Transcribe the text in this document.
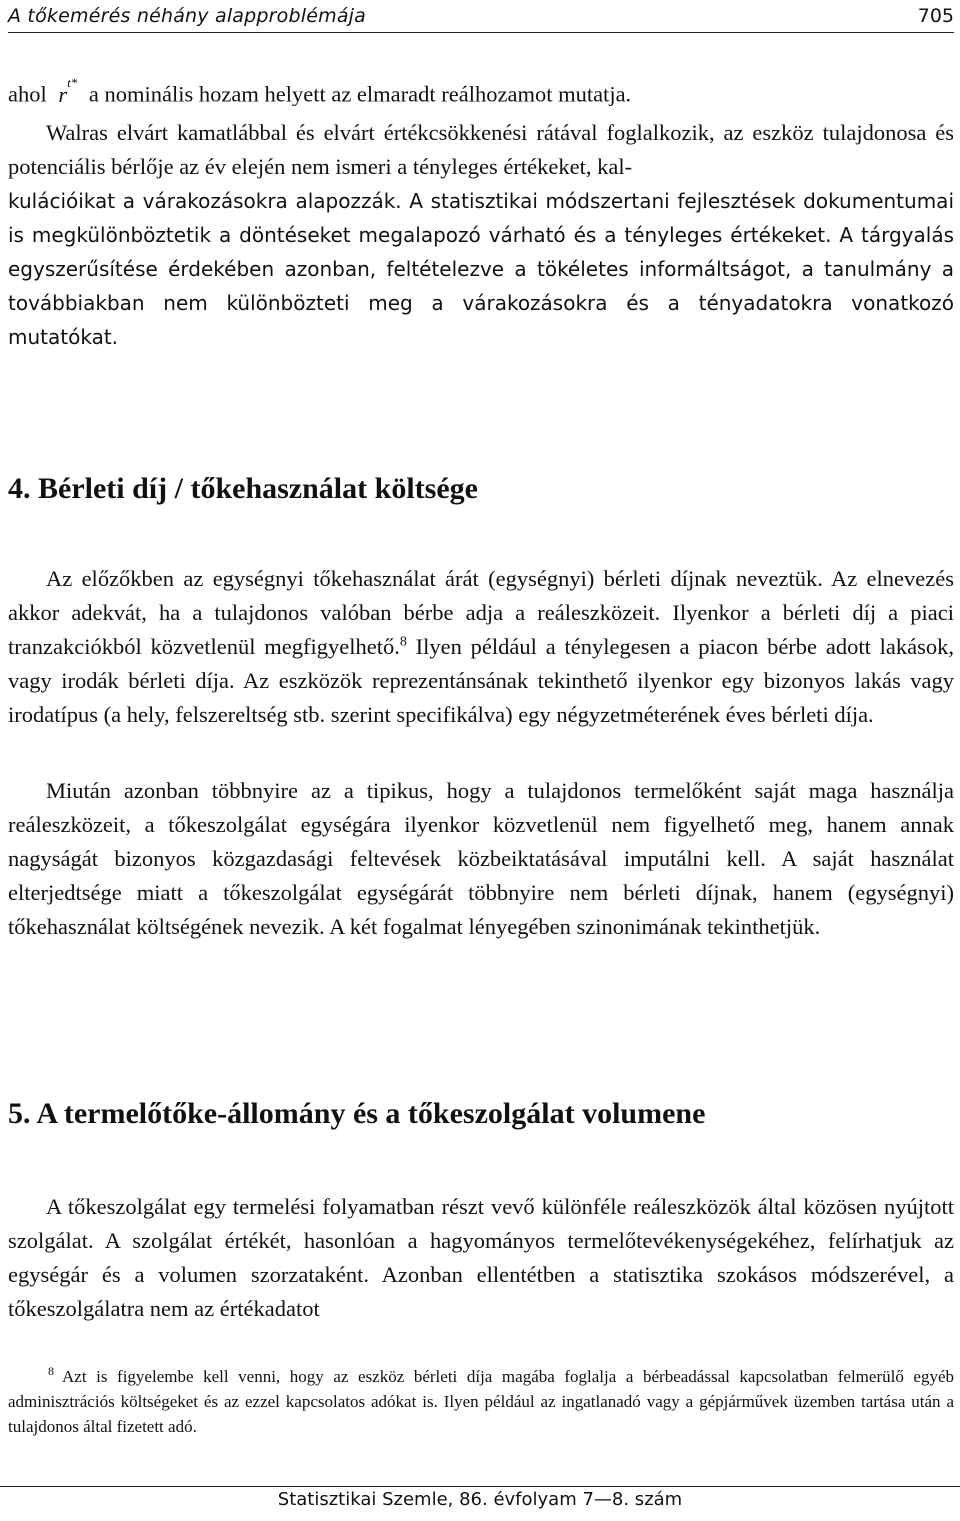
A tőkemérés néhány alapproblémája	705

ahol $r^{t*}$ a nominális hozam helyett az elmaradt reálhozamot mutatja.

Walras elvárt kamatlábbal és elvárt értékcsökkenési rátával foglalkozik, az eszköz tulajdonosa és potenciális bérlője az év elején nem ismeri a tényleges értékeket, kal-

kulációikat a várakozásokra alapozzák. A statisztikai módszertani fejlesztések dokumentumai is megkülönböztetik a döntéseket megalapozó várható és a tényleges értékeket. A tárgyalás egyszerűsítése érdekében azonban, feltételezve a tökéletes informáltságot, a tanulmány a továbbiakban nem különbözteti meg a várakozásokra és a tényadatokra vonatkozó mutatókat.

4. Bérleti díj / tőkehasználat költsége

Az előzőkben az egységnyi tőkehasználat árát (egységnyi) bérleti díjnak neveztük. Az elnevezés akkor adekvát, ha a tulajdonos valóban bérbe adja a reáleszközeit. Ilyenkor a bérleti díj a piaci tranzakciókból közvetlenül megfigyelhető.$^8$ Ilyen például a ténylegesen a piacon bérbe adott lakások, vagy irodák bérleti díja. Az eszközök reprezentánsának tekinthető ilyenkor egy bizonyos lakás vagy irodatípus (a hely, felszereltség stb. szerint specifikálva) egy négyzetméterének éves bérleti díja.

Miután azonban többnyire az a tipikus, hogy a tulajdonos termelőként saját maga használja reáleszközeit, a tőkeszolgálat egységára ilyenkor közvetlenül nem figyelhető meg, hanem annak nagyságát bizonyos közgazdasági feltevések közbeiktatásával imputálni kell. A saját használat elterjedtsége miatt a tőkeszolgálat egységárát többnyire nem bérleti díjnak, hanem (egységnyi) tőkehasználat költségének nevezik. A két fogalmat lényegében szinonimának tekinthetjük.

5. A termelőtőke-állomány és a tőkeszolgálat volumene

A tőkeszolgálat egy termelési folyamatban részt vevő különféle reáleszközök által közösen nyújtott szolgálat. A szolgálat értékét, hasonlóan a hagyományos termelőtevékenységekéhez, felírhatjuk az egységár és a volumen szorzataként. Azonban ellentétben a statisztika szokásos módszerével, a tőkeszolgálatra nem az értékadatot

$^8$ Azt is figyelembe kell venni, hogy az eszköz bérleti díja magába foglalja a bérbeadással kapcsolatban felmerülő egyéb adminisztrációs költségeket és az ezzel kapcsolatos adókat is. Ilyen például az ingatlanadó vagy a gépjárművek üzemben tartása után a tulajdonos által fizetett adó.

Statisztikai Szemle, 86. évfolyam 7—8. szám
